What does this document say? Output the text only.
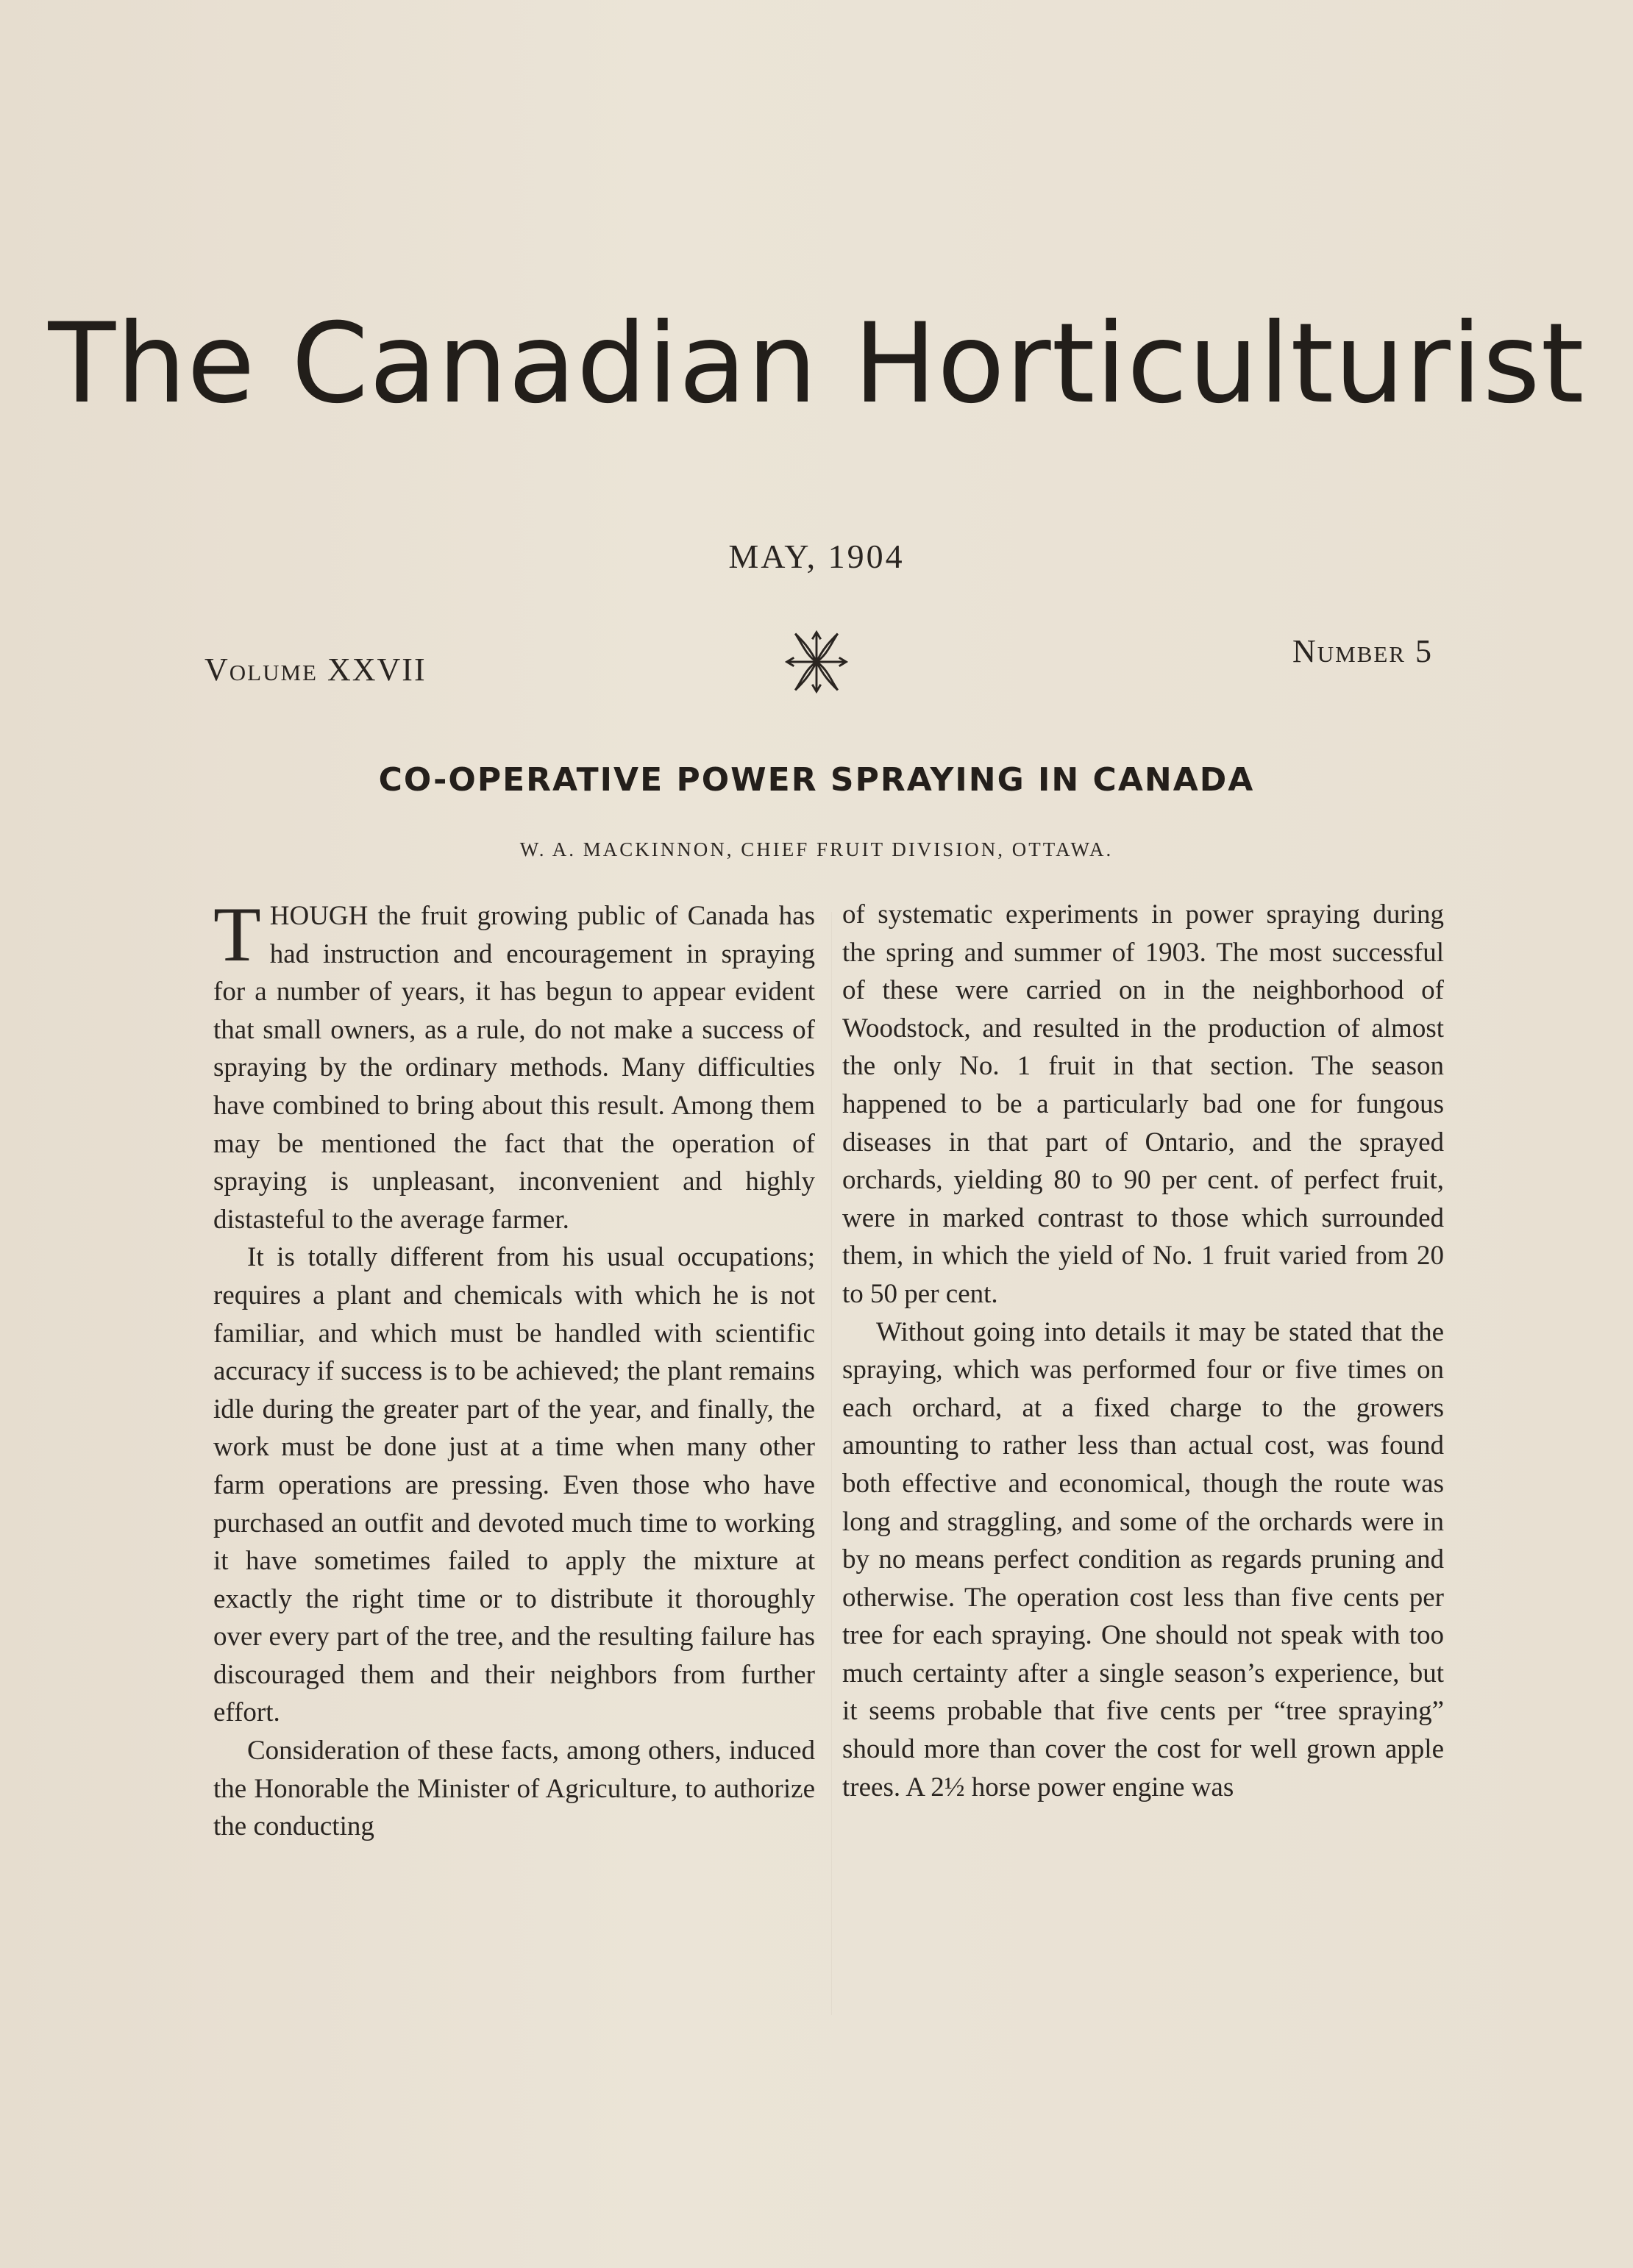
The Canadian Horticulturist
MAY, 1904
Volume XXVII
Number 5
CO-OPERATIVE POWER SPRAYING IN CANADA
W. A. MACKINNON, CHIEF FRUIT DIVISION, OTTAWA.

THOUGH the fruit growing public of Canada has had instruction and encouragement in spraying for a number of years, it has begun to appear evident that small owners, as a rule, do not make a success of spraying by the ordinary methods. Many difficulties have combined to bring about this result. Among them may be mentioned the fact that the operation of spraying is unpleasant, inconvenient and highly distasteful to the average farmer.

It is totally different from his usual occupations; requires a plant and chemicals with which he is not familiar, and which must be handled with scientific accuracy if success is to be achieved; the plant remains idle during the greater part of the year, and finally, the work must be done just at a time when many other farm operations are pressing. Even those who have purchased an outfit and devoted much time to working it have sometimes failed to apply the mixture at exactly the right time or to distribute it thoroughly over every part of the tree, and the resulting failure has discouraged them and their neighbors from further effort.

Consideration of these facts, among others, induced the Honorable the Minister of Agriculture, to authorize the conducting

of systematic experiments in power spraying during the spring and summer of 1903. The most successful of these were carried on in the neighborhood of Woodstock, and resulted in the production of almost the only No. 1 fruit in that section. The season happened to be a particularly bad one for fungous diseases in that part of Ontario, and the sprayed orchards, yielding 80 to 90 per cent. of perfect fruit, were in marked contrast to those which surrounded them, in which the yield of No. 1 fruit varied from 20 to 50 per cent.

Without going into details it may be stated that the spraying, which was performed four or five times on each orchard, at a fixed charge to the growers amounting to rather less than actual cost, was found both effective and economical, though the route was long and straggling, and some of the orchards were in by no means perfect condition as regards pruning and otherwise. The operation cost less than five cents per tree for each spraying. One should not speak with too much certainty after a single season’s experience, but it seems probable that five cents per “tree spraying” should more than cover the cost for well grown apple trees. A 2½ horse power engine was
